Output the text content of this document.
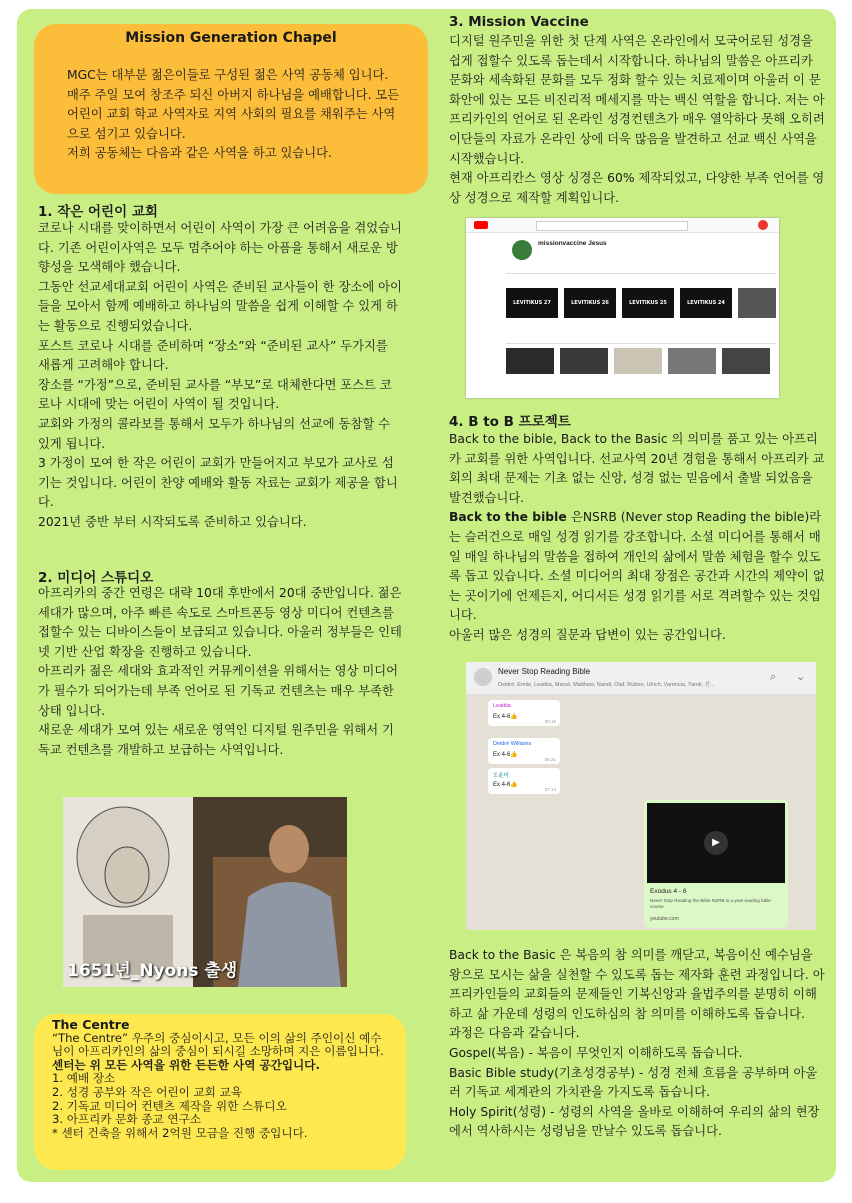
Mission Generation Chapel

MGC는 대부분 젊은이들로 구성된 젊은 사역 공동체 입니다.

매주 주일 모여 창조주 되신 아버지 하나님을 예배합니다. 모든 어린이 교회 학교 사역자로 지역 사회의 필요를 채워주는 사역으로 섬기고 있습니다.

저희 공동체는 다음과 같은 사역을 하고 있습니다.

1. 작은 어린이 교회

코로나 시대를 맞이하면서 어린이 사역이 가장 큰 어려움을 겪었습니다. 기존 어린이사역은 모두 멈추어야 하는 아픔을 통해서 새로운 방향성을 모색해야 했습니다.

그동안 선교세대교회 어린이 사역은 준비된 교사들이 한 장소에 아이들을 모아서 함께 예배하고 하나님의 말씀을 쉽게 이해할 수 있게 하는 활동으로 진행되었습니다.

포스트 코로나 시대를 준비하며 “장소”와 “준비된 교사” 두가지를 새롭게 고려해야 합니다.

장소를 “가정”으로, 준비된 교사를 “부모”로 대체한다면 포스트 코로나 시대에 맞는 어린이 사역이 될 것입니다.

교회와 가정의 콜라보를 통해서 모두가 하나님의 선교에 동참할 수 있게 됩니다.

3 가정이 모여 한 작은 어린이 교회가 만들어지고 부모가 교사로 섬기는 것입니다. 어린이 찬양 예배와 활동 자료는 교회가 제공을 합니다.

2021년 중반 부터 시작되도록 준비하고 있습니다.

2. 미디어 스튜디오

아프리카의 중간 연령은 대략 10대 후반에서 20대 중반입니다. 젊은 세대가 많으며, 아주 빠른 속도로 스마트폰등 영상 미디어 컨텐츠를 접할수 있는 디바이스들이 보급되고 있습니다. 아울러 정부들은 인테넷 기반 산업 확장을 진행하고 있습니다.

아프리카 젊은 세대와 효과적인 커뮤케이션을 위해서는 영상 미디어가 필수가 되어가는데 부족 언어로 된 기독교 컨텐츠는 매우 부족한 상태 입니다.

새로운 세대가 모여 있는 새로운 영역인 디지털 원주민을 위해서 기독교 컨텐츠를 개발하고 보급하는 사역입니다.

1651년_Nyons 출생

The Centre

“The Centre” 우주의 중심이시고, 모든 이의 삶의 주인이신 예수님이 아프리카인의 삶의 중심이 되시길 소망하며 지은 이름입니다.

센터는 위 모든 사역을 위한 든든한 사역 공간입니다.

1. 예배 장소

2. 성경 공부와 작은 어린이 교회 교육

2. 기독교 미디어 컨텐츠 제작을 위한 스튜디오

3. 아프리카 문화 종교 연구소

* 센터 건축을 위해서 2억원 모금을 진행 중입니다.

3. Mission Vaccine

디지털 원주민을 위한 첫 단계 사역은 온라인에서 모국어로된 성경을 쉽게 접할수 있도록 돕는데서 시작합니다. 하나님의 말씀은 아프리카 문화와 세속화된 문화를 모두 정화 할수 있는 치료제이며 아울러 이 문화안에 있는 모든 비진리적 메세지를 막는 백신 역할을 합니다. 저는 아프리카인의 언어로 된 온라인 성경컨텐츠가 매우 열악하다 못해 오히려 이단들의 자료가 온라인 상에 더욱 많음을 발견하고 선교 백신 사역을 시작했습니다.

현재 아프리칸스 영상 싱경은 60% 제작되었고, 다양한 부족 언어를 영상 성경으로 제작할 계획입니다.

missionvaccine Jesus
LEVITIKUS 27	LEVITIKUS 26	LEVITIKUS 25	LEVITIKUS 24
4. B to B 프로젝트

Back to the bible, Back to the Basic 의 의미를 품고 있는 아프리카 교회를 위한 사역입니다. 선교사역 20년 경험을 통해서 아프리카 교회의 최대 문제는 기초 없는 신앙, 성경 없는 믿음에서 출발 되었음을 발견했습니다.

Back to the bible 은NSRB (Never stop Reading the bible)라는 슬러건으로 매일 성경 읽기를 강조합니다. 소셜 미디어를 통해서 매일 매일 하나님의 말씀을 접하여 개인의 삶에서 말씀 체험을 할수 있도록 돕고 있습니다. 소셜 미디어의 최대 장점은 공간과 시간의 제약이 없는 곳이기에 언제든지, 어디서든 성경 읽기를 서로 격려할수 있는 것입니다.

아울러 많은 성경의 질문과 답변이 있는 공간입니다.

Never Stop Reading Bible
Deidré, Emile, Leatitia, Marsé, Matthew, Nandi, Olaf, Rubon, Ulrich, Varencia, Yandi, 선...
⌕ ⌄
Leatitia
Ex 4-6👍
06:15
Deidré Williams
Ex 4-6👍
06:21
도윤미
Ex 4-6👍
07:13
▶
Exodus 4 - 6
Never Stop Reading the Bible NSRB is a year reading bible course
youtube.com

Back to the Basic 은 복음의 참 의미를 깨닫고, 복음이신 예수님을 왕으로 모시는 삶을 실천할 수 있도록 돕는 제자화 훈련 과정입니다. 아프리카인들의 교회들의 문제들인 기복신앙과 율법주의를 분명히 이해하고 삶 가운데 성령의 인도하심의 참 의미를 이해하도록 돕습니다.

과정은 다음과 같습니다.

Gospel(복음) - 복음이 무엇인지 이해하도록 돕습니다.

Basic Bible study(기초성경공부) - 성경 전체 흐름을 공부하며 아울러 기독교 세계관의 가치관을 가지도록 돕습니다.

Holy Spirit(성령) - 성령의 사역을 올바로 이해하여 우리의 삶의 현장에서 역사하시는 성령님을 만날수 있도록 돕습니다.
